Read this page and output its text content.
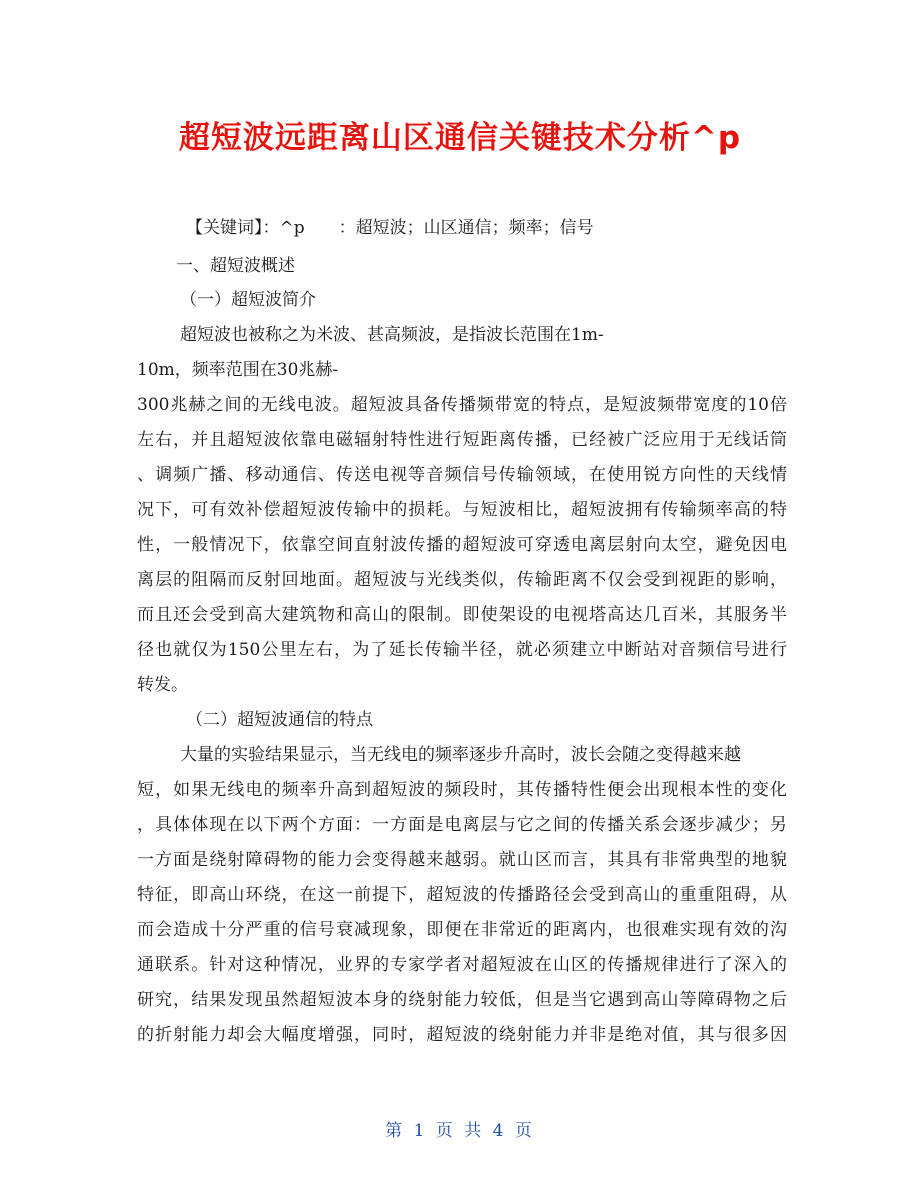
超短波远距离山区通信关键技术分析^p
【关键词】：^p　　：超短波；山区通信；频率；信号
一、超短波概述
（一）超短波简介
超短波也被称之为米波、甚高频波，是指波长范围在1m-
10m，频率范围在30兆赫-
300兆赫之间的无线电波。超短波具备传播频带宽的特点，是短波频带宽度的10倍
左右，并且超短波依靠电磁辐射特性进行短距离传播，已经被广泛应用于无线话筒
、调频广播、移动通信、传送电视等音频信号传输领域，在使用锐方向性的天线情
况下，可有效补偿超短波传输中的损耗。与短波相比，超短波拥有传输频率高的特
性，一般情况下，依靠空间直射波传播的超短波可穿透电离层射向太空，避免因电
离层的阻隔而反射回地面。超短波与光线类似，传输距离不仅会受到视距的影响，
而且还会受到高大建筑物和高山的限制。即使架设的电视塔高达几百米，其服务半
径也就仅为150公里左右，为了延长传输半径，就必须建立中断站对音频信号进行
转发。
（二）超短波通信的特点
大量的实验结果显示，当无线电的频率逐步升高时，波长会随之变得越来越
短，如果无线电的频率升高到超短波的频段时，其传播特性便会出现根本性的变化
，具体体现在以下两个方面：一方面是电离层与它之间的传播关系会逐步减少；另
一方面是绕射障碍物的能力会变得越来越弱。就山区而言，其具有非常典型的地貌
特征，即高山环绕，在这一前提下，超短波的传播路径会受到高山的重重阻碍，从
而会造成十分严重的信号衰减现象，即便在非常近的距离内，也很难实现有效的沟
通联系。针对这种情况，业界的专家学者对超短波在山区的传播规律进行了深入的
研究，结果发现虽然超短波本身的绕射能力较低，但是当它遇到高山等障碍物之后
的折射能力却会大幅度增强，同时，超短波的绕射能力并非是绝对值，其与很多因
第 1 页 共 4 页
